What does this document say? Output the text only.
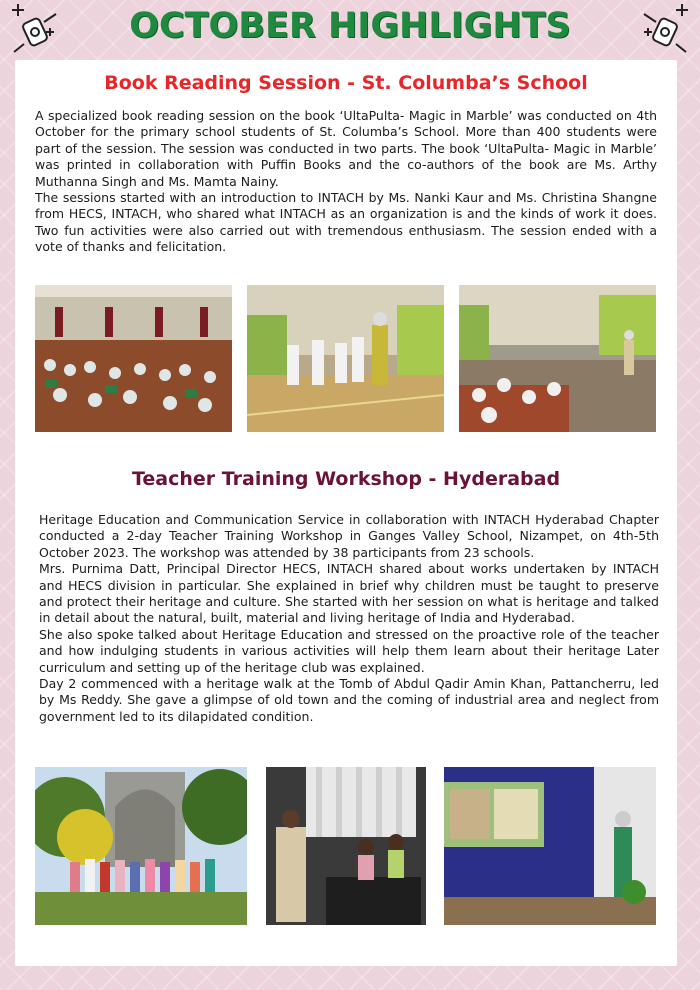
OCTOBER HIGHLIGHTS
Book Reading Session - St. Columba’s School

A specialized book reading session on the book ‘UltaPulta- Magic in Marble’ was conducted on 4th October for the primary school students of St. Columba’s School. More than 400 students were part of the session. The session was conducted in two parts. The book ‘UltaPulta- Magic in Marble’ was printed in collaboration with Puffin Books and the co-authors of the book are Ms. Arthy Muthanna Singh and Ms. Mamta Nainy.

The sessions started with an introduction to INTACH by Ms. Nanki Kaur and Ms. Christina Shangne from HECS, INTACH, who shared what INTACH as an organization is and the kinds of work it does. Two fun activities were also carried out with tremendous enthusiasm. The session ended with a vote of thanks and felicitation.

Teacher Training Workshop - Hyderabad

Heritage Education and Communication Service in collaboration with INTACH Hyderabad Chapter conducted a 2-day Teacher Training Workshop in Ganges Valley School, Nizampet, on 4th-5th October 2023. The workshop was attended by 38 participants from 23 schools.

Mrs. Purnima Datt, Principal Director HECS, INTACH shared about works undertaken by INTACH and HECS division in particular. She explained in brief why children must be taught to preserve and protect their heritage and culture. She started with her session on what is heritage and talked in detail about the natural, built, material and living heritage of India and Hyderabad.

She also spoke talked about Heritage Education and stressed on the proactive role of the teacher and how indulging students in various activities will help them learn about their heritage Later curriculum and setting up of the heritage club was explained.

Day 2 commenced with a heritage walk at the Tomb of Abdul Qadir Amin Khan, Pattancherru, led by Ms Reddy. She gave a glimpse of old town and the coming of industrial area and neglect from government led to its dilapidated condition.
